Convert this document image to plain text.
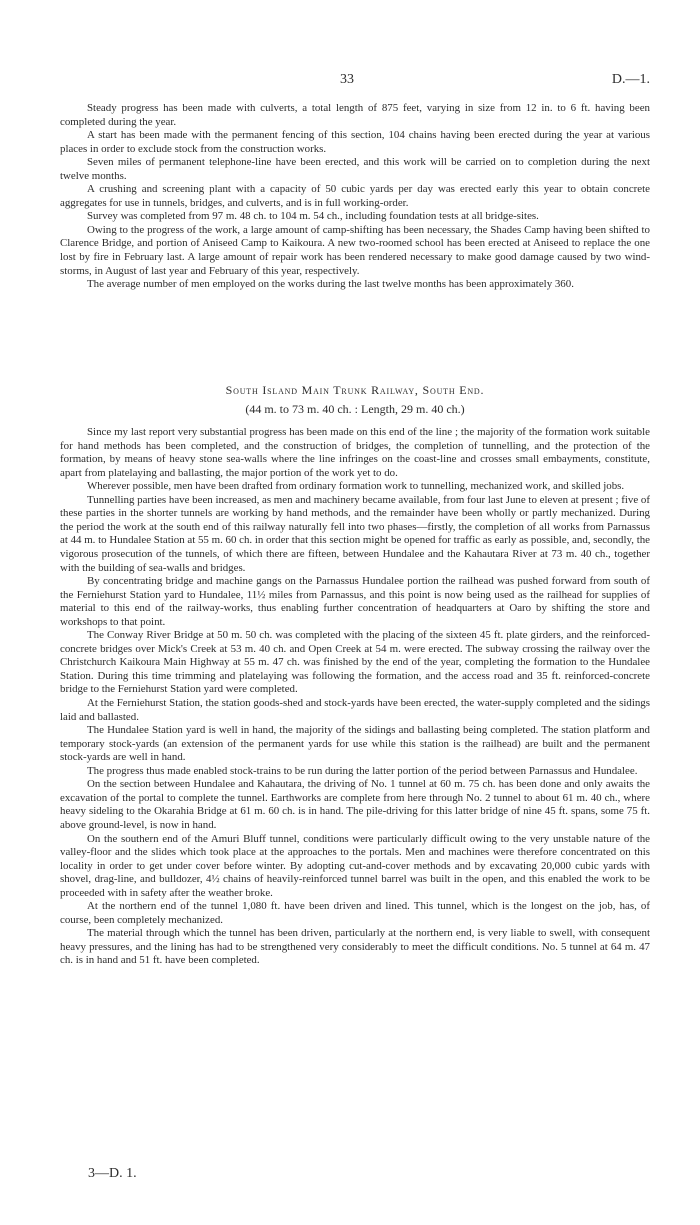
33	D.—1.

Steady progress has been made with culverts, a total length of 875 feet, varying in size from 12 in. to 6 ft. having been completed during the year.

A start has been made with the permanent fencing of this section, 104 chains having been erected during the year at various places in order to exclude stock from the construction works.

Seven miles of permanent telephone-line have been erected, and this work will be carried on to completion during the next twelve months.

A crushing and screening plant with a capacity of 50 cubic yards per day was erected early this year to obtain concrete aggregates for use in tunnels, bridges, and culverts, and is in full working-order.

Survey was completed from 97 m. 48 ch. to 104 m. 54 ch., including foundation tests at all bridge-sites.

Owing to the progress of the work, a large amount of camp-shifting has been necessary, the Shades Camp having been shifted to Clarence Bridge, and portion of Aniseed Camp to Kaikoura. A new two-roomed school has been erected at Aniseed to replace the one lost by fire in February last. A large amount of repair work has been rendered necessary to make good damage caused by two wind-storms, in August of last year and February of this year, respectively.

The average number of men employed on the works during the last twelve months has been approximately 360.

South Island Main Trunk Railway, South End.
(44 m. to 73 m. 40 ch. : Length, 29 m. 40 ch.)

Since my last report very substantial progress has been made on this end of the line ; the majority of the formation work suitable for hand methods has been completed, and the construction of bridges, the completion of tunnelling, and the protection of the formation, by means of heavy stone sea-walls where the line infringes on the coast-line and crosses small embayments, constitute, apart from platelaying and ballasting, the major portion of the work yet to do.

Wherever possible, men have been drafted from ordinary formation work to tunnelling, mechanized work, and skilled jobs.

Tunnelling parties have been increased, as men and machinery became available, from four last June to eleven at present ; five of these parties in the shorter tunnels are working by hand methods, and the remainder have been wholly or partly mechanized. During the period the work at the south end of this railway naturally fell into two phases—firstly, the completion of all works from Parnassus at 44 m. to Hundalee Station at 55 m. 60 ch. in order that this section might be opened for traffic as early as possible, and, secondly, the vigorous prosecution of the tunnels, of which there are fifteen, between Hundalee and the Kahautara River at 73 m. 40 ch., together with the building of sea-walls and bridges.

By concentrating bridge and machine gangs on the Parnassus Hundalee portion the railhead was pushed forward from south of the Ferniehurst Station yard to Hundalee, 11½ miles from Parnassus, and this point is now being used as the railhead for supplies of material to this end of the railway-works, thus enabling further concentration of headquarters at Oaro by shifting the store and workshops to that point.

The Conway River Bridge at 50 m. 50 ch. was completed with the placing of the sixteen 45 ft. plate girders, and the reinforced-concrete bridges over Mick's Creek at 53 m. 40 ch. and Open Creek at 54 m. were erected. The subway crossing the railway over the Christchurch Kaikoura Main Highway at 55 m. 47 ch. was finished by the end of the year, completing the formation to the Hundalee Station. During this time trimming and platelaying was following the formation, and the access road and 35 ft. reinforced-concrete bridge to the Ferniehurst Station yard were completed.

At the Ferniehurst Station, the station goods-shed and stock-yards have been erected, the water-supply completed and the sidings laid and ballasted.

The Hundalee Station yard is well in hand, the majority of the sidings and ballasting being completed. The station platform and temporary stock-yards (an extension of the permanent yards for use while this station is the railhead) are built and the permanent stock-yards are well in hand.

The progress thus made enabled stock-trains to be run during the latter portion of the period between Parnassus and Hundalee.

On the section between Hundalee and Kahautara, the driving of No. 1 tunnel at 60 m. 75 ch. has been done and only awaits the excavation of the portal to complete the tunnel. Earthworks are complete from here through No. 2 tunnel to about 61 m. 40 ch., where heavy sideling to the Okarahia Bridge at 61 m. 60 ch. is in hand. The pile-driving for this latter bridge of nine 45 ft. spans, some 75 ft. above ground-level, is now in hand.

On the southern end of the Amuri Bluff tunnel, conditions were particularly difficult owing to the very unstable nature of the valley-floor and the slides which took place at the approaches to the portals. Men and machines were therefore concentrated on this locality in order to get under cover before winter. By adopting cut-and-cover methods and by excavating 20,000 cubic yards with shovel, drag-line, and bulldozer, 4½ chains of heavily-reinforced tunnel barrel was built in the open, and this enabled the work to be proceeded with in safety after the weather broke.

At the northern end of the tunnel 1,080 ft. have been driven and lined. This tunnel, which is the longest on the job, has, of course, been completely mechanized.

The material through which the tunnel has been driven, particularly at the northern end, is very liable to swell, with consequent heavy pressures, and the lining has had to be strengthened very considerably to meet the difficult conditions. No. 5 tunnel at 64 m. 47 ch. is in hand and 51 ft. have been completed.

3—D. 1.
